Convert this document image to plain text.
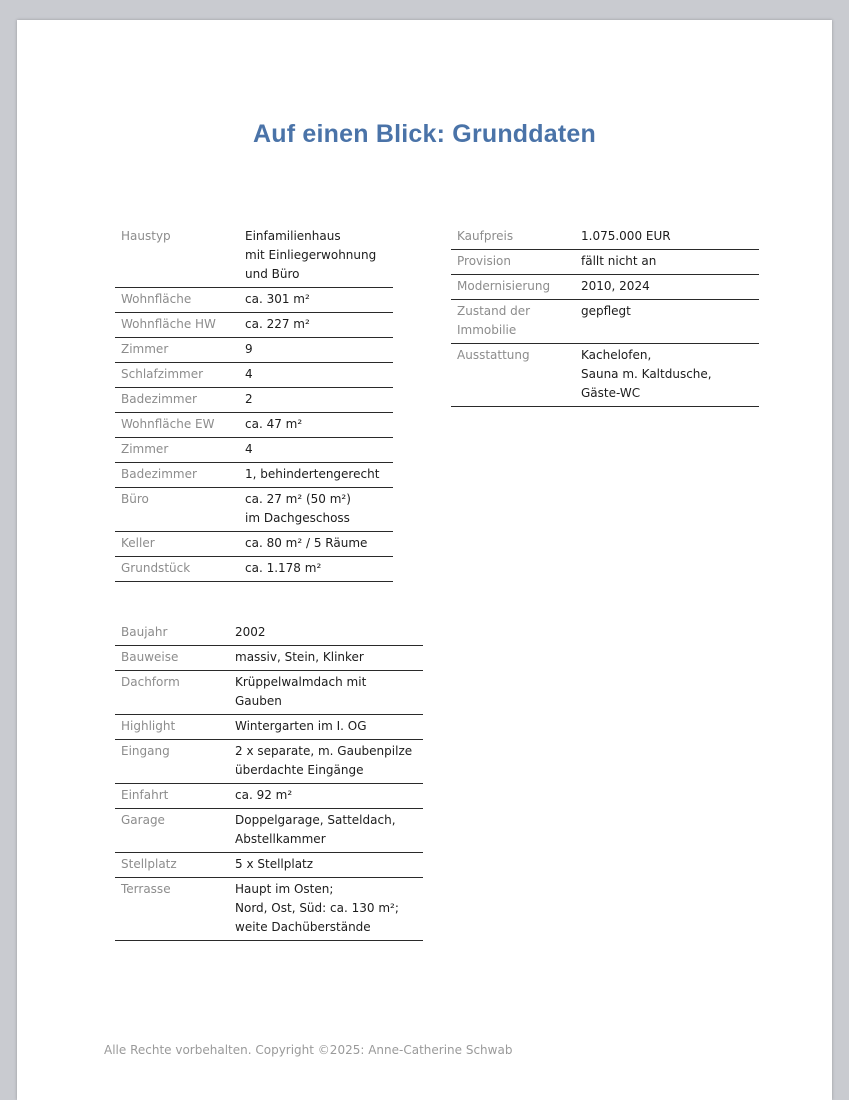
Auf einen Blick: Grunddaten
Haustyp	Einfamilienhaus
mit Einliegerwohnung
und Büro
Wohnfläche	ca. 301 m²
Wohnfläche HW	ca. 227 m²
Zimmer	9
Schlafzimmer	4
Badezimmer	2
Wohnfläche EW	ca. 47 m²
Zimmer	4
Badezimmer	1, behindertengerecht
Büro	ca. 27 m² (50 m²)
im Dachgeschoss
Keller	ca. 80 m² / 5 Räume
Grundstück	ca. 1.178 m²
Kaufpreis	1.075.000 EUR
Provision	fällt nicht an
Modernisierung	2010, 2024
Zustand der
Immobilie	gepflegt
Ausstattung	Kachelofen,
Sauna m. Kaltdusche,
Gäste-WC
Baujahr	2002
Bauweise	massiv, Stein, Klinker
Dachform	Krüppelwalmdach mit
Gauben
Highlight	Wintergarten im I. OG
Eingang	2 x separate, m. Gaubenpilze
überdachte Eingänge
Einfahrt	ca. 92 m²
Garage	Doppelgarage, Satteldach,
Abstellkammer
Stellplatz	5 x Stellplatz
Terrasse	Haupt im Osten;
Nord, Ost, Süd: ca. 130 m²;
weite Dachüberstände
Alle Rechte vorbehalten. Copyright ©2025: Anne-Catherine Schwab
